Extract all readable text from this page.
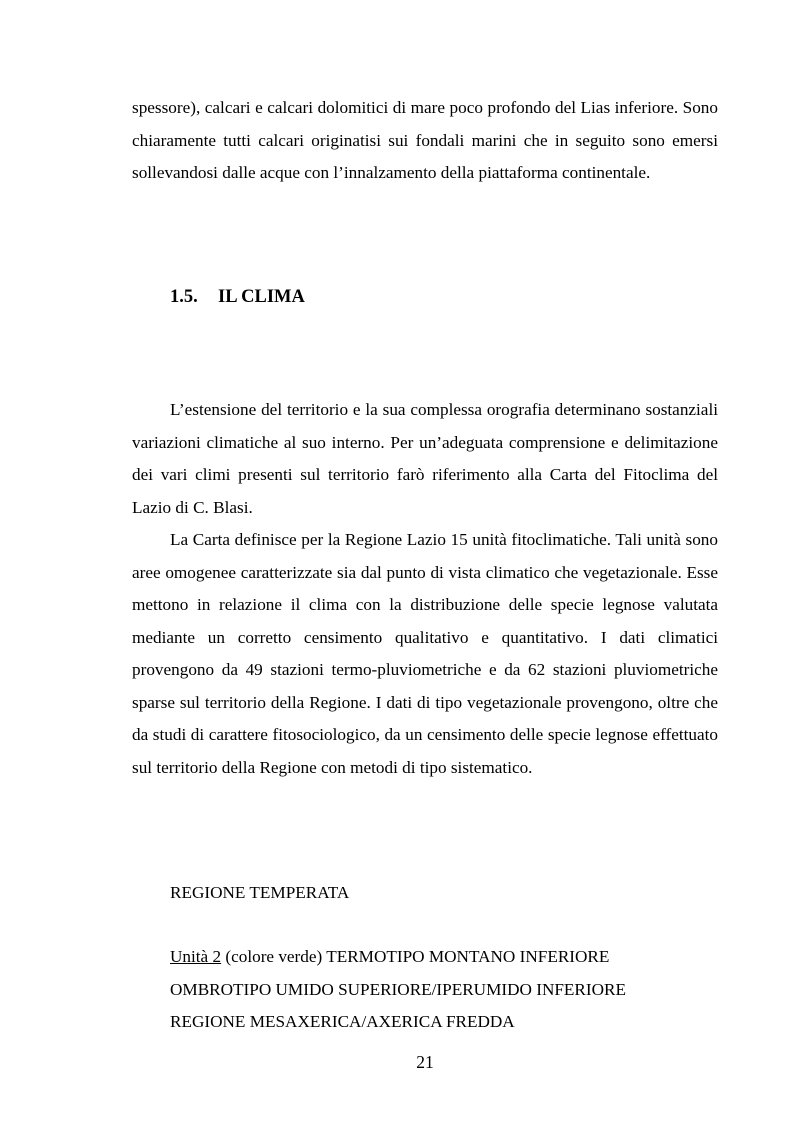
spessore), calcari e calcari dolomitici di mare poco profondo del Lias inferiore. Sono chiaramente tutti calcari originatisi sui fondali marini che in seguito sono emersi sollevandosi dalle acque con l’innalzamento della piattaforma continentale.

1.5. IL CLIMA

L’estensione del territorio e la sua complessa orografia determinano sostanziali variazioni climatiche al suo interno. Per un’adeguata comprensione e delimitazione dei vari climi presenti sul territorio farò riferimento alla Carta del Fitoclima del Lazio di C. Blasi.

La Carta definisce per la Regione Lazio 15 unità fitoclimatiche. Tali unità sono aree omogenee caratterizzate sia dal punto di vista climatico che vegetazionale. Esse mettono in relazione il clima con la distribuzione delle specie legnose valutata mediante un corretto censimento qualitativo e quantitativo. I dati climatici provengono da 49 stazioni termo-pluviometriche e da 62 stazioni pluviometriche sparse sul territorio della Regione. I dati di tipo vegetazionale provengono, oltre che da studi di carattere fitosociologico, da un censimento delle specie legnose effettuato sul territorio della Regione con metodi di tipo sistematico.

REGIONE TEMPERATA

Unità 2 (colore verde) TERMOTIPO MONTANO INFERIORE

OMBROTIPO UMIDO SUPERIORE/IPERUMIDO INFERIORE

REGIONE MESAXERICA/AXERICA FREDDA

21
